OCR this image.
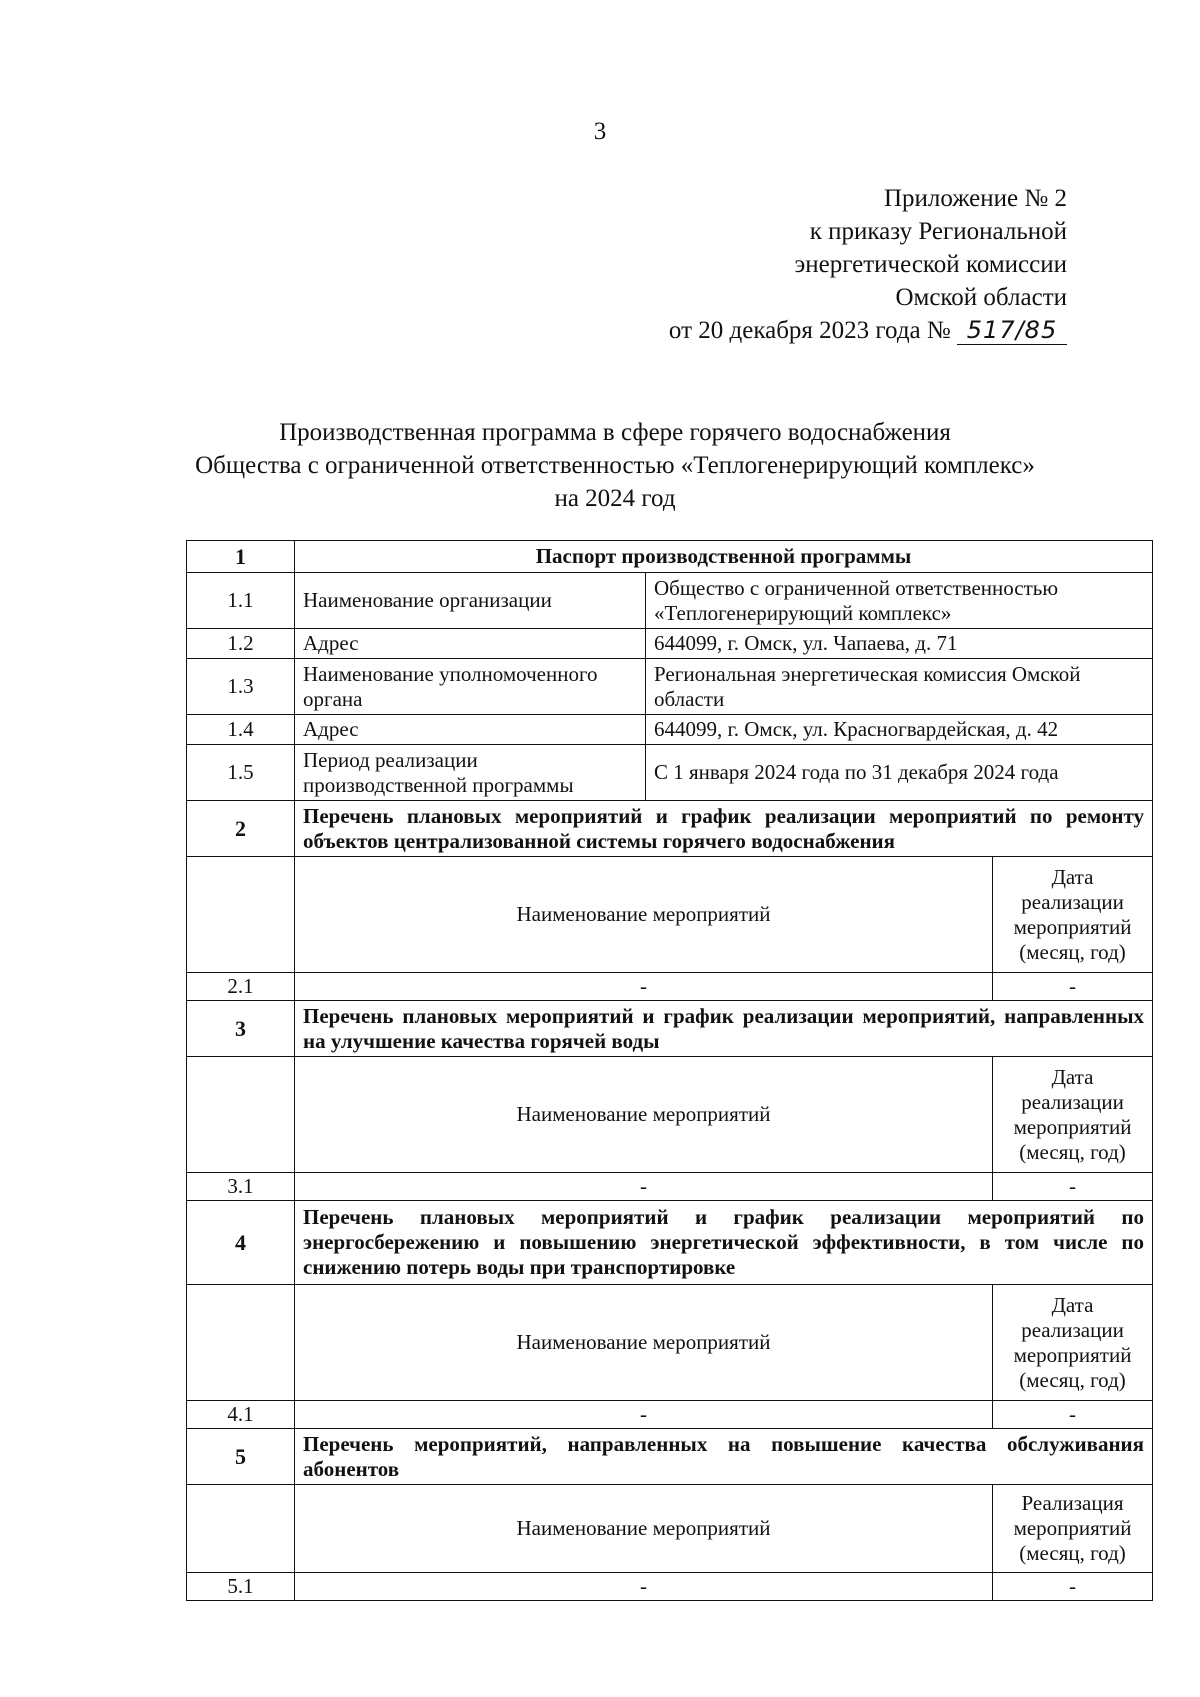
3
Приложение № 2
к приказу Региональной
энергетической комиссии
Омской области
от 20 декабря 2023 года № 517/85
Производственная программа в сфере горячего водоснабжения
Общества с ограниченной ответственностью «Теплогенерирующий комплекс»
на 2024 год
1	Паспорт производственной программы		
1.1	Наименование организации	Общество с ограниченной ответственностью «Теплогенерирующий комплекс»	
1.2	Адрес	644099, г. Омск, ул. Чапаева, д. 71	
1.3	Наименование уполномоченного органа	Региональная энергетическая комиссия Омской области	
1.4	Адрес	644099, г. Омск, ул. Красногвардейская, д. 42	
1.5	Период реализации производственной программы	С 1 января 2024 года по 31 декабря 2024 года	
2	Перечень плановых мероприятий и график реализации мероприятий по ремонту объектов централизованной системы горячего водоснабжения		
	Наименование мероприятий		Дата реализации мероприятий (месяц, год)
2.1	-		-
3	Перечень плановых мероприятий и график реализации мероприятий, направленных на улучшение качества горячей воды		
	Наименование мероприятий		Дата реализации мероприятий (месяц, год)
3.1	-		-
4	Перечень плановых мероприятий и график реализации мероприятий по энергосбережению и повышению энергетической эффективности, в том числе по снижению потерь воды при транспортировке		
	Наименование мероприятий		Дата реализации мероприятий (месяц, год)
4.1	-		-
5	Перечень мероприятий, направленных на повышение качества обслуживания абонентов		
	Наименование мероприятий		Реализация мероприятий (месяц, год)
5.1	-		-
